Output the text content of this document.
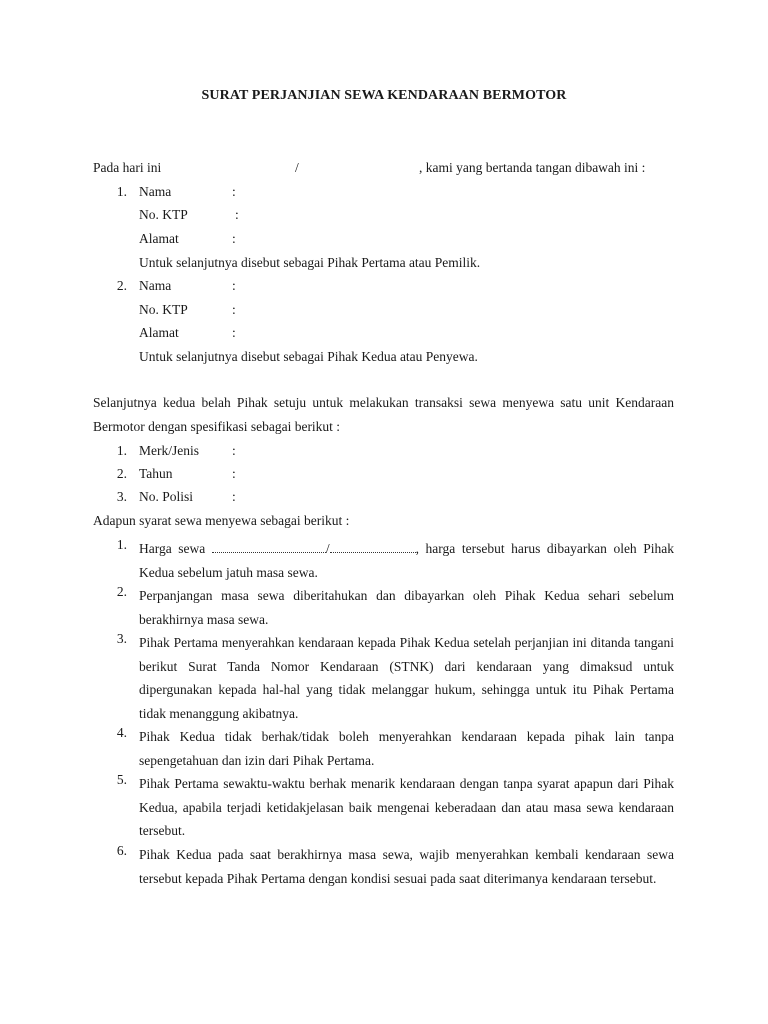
SURAT PERJANJIAN SEWA KENDARAAN BERMOTOR
Pada hari ini	/	, kami yang bertanda tangan dibawah ini :
1. Nama	:
No. KTP	:
Alamat	:
Untuk selanjutnya disebut sebagai Pihak Pertama atau Pemilik.
2. Nama	:
No. KTP	:
Alamat	:
Untuk selanjutnya disebut sebagai Pihak Kedua atau Penyewa.
Selanjutnya kedua belah Pihak setuju untuk melakukan transaksi sewa menyewa satu unit Kendaraan Bermotor dengan spesifikasi sebagai berikut :
1. Merk/Jenis :
2. Tahun	:
3. No. Polisi	:
Adapun syarat sewa menyewa sebagai berikut :
1. Harga sewa	/	, harga tersebut harus dibayarkan oleh Pihak Kedua sebelum jatuh masa sewa.
2. Perpanjangan masa sewa diberitahukan dan dibayarkan oleh Pihak Kedua sehari sebelum berakhirnya masa sewa.
3. Pihak Pertama menyerahkan kendaraan kepada Pihak Kedua setelah perjanjian ini ditanda tangani berikut Surat Tanda Nomor Kendaraan (STNK) dari kendaraan yang dimaksud untuk dipergunakan kepada hal-hal yang tidak melanggar hukum, sehingga untuk itu Pihak Pertama tidak menanggung akibatnya.
4. Pihak Kedua tidak berhak/tidak boleh menyerahkan kendaraan kepada pihak lain tanpa sepengetahuan dan izin dari Pihak Pertama.
5. Pihak Pertama sewaktu-waktu berhak menarik kendaraan dengan tanpa syarat apapun dari Pihak Kedua, apabila terjadi ketidakjelasan baik mengenai keberadaan dan atau masa sewa kendaraan tersebut.
6. Pihak Kedua pada saat berakhirnya masa sewa, wajib menyerahkan kembali kendaraan sewa tersebut kepada Pihak Pertama dengan kondisi sesuai pada saat diterimanya kendaraan tersebut.
